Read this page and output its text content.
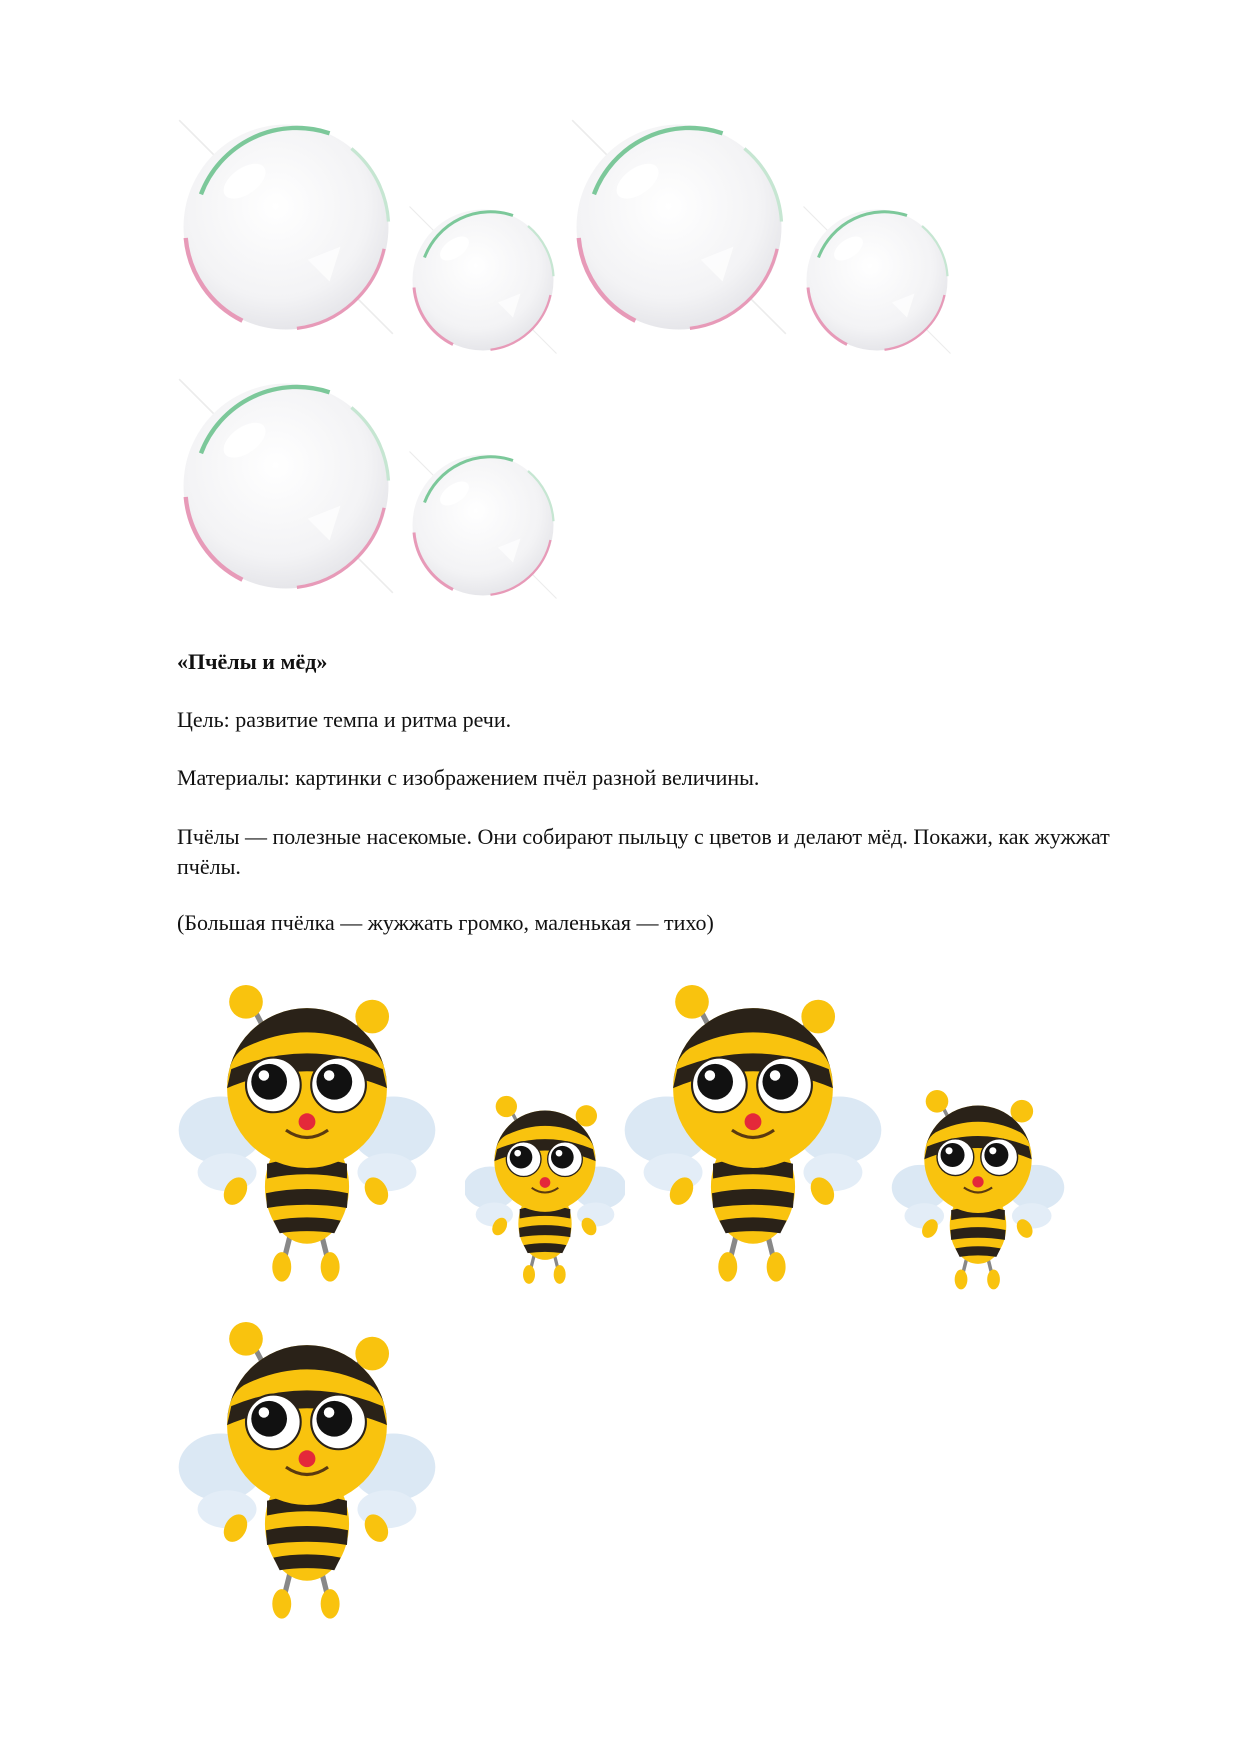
«Пчёлы и мёд»

Цель: развитие темпа и ритма речи.

Материалы: картинки с изображением пчёл разной величины.

Пчёлы — полезные насекомые. Они собирают пыльцу с цветов и делают мёд. Покажи, как жужжат пчёлы.

(Большая пчёлка — жужжать громко, маленькая — тихо)
